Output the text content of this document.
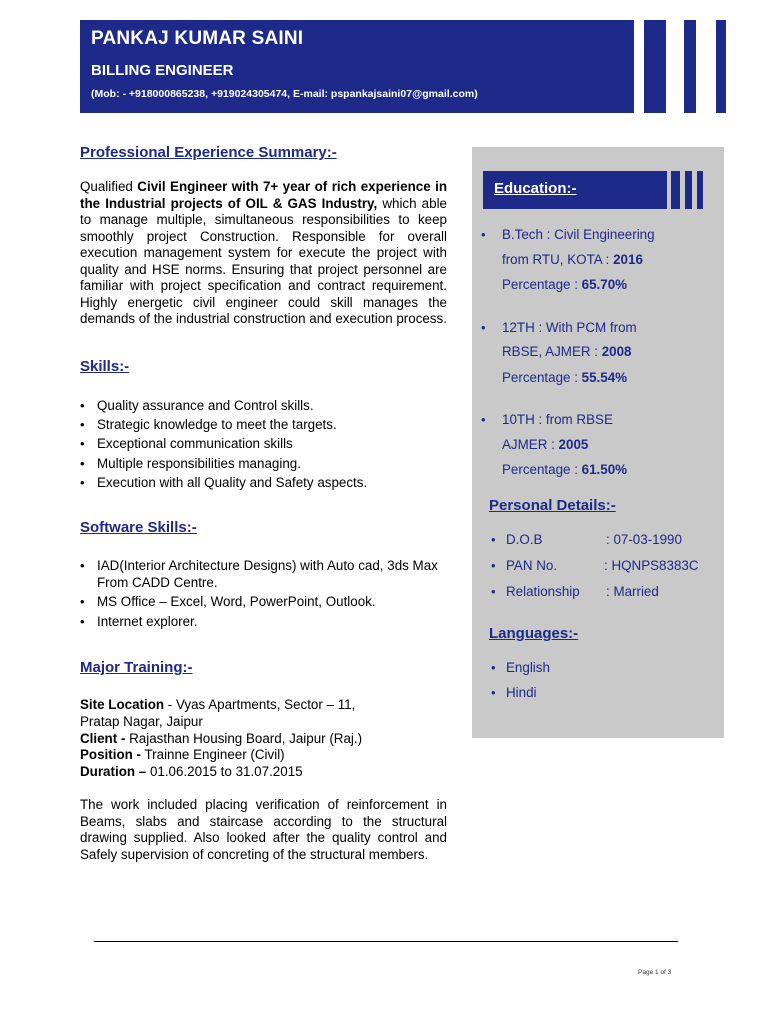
PANKAJ KUMAR SAINI
BILLING ENGINEER
(Mob: - +918000865238, +919024305474, E-mail: pspankajsaini07@gmail.com)
Professional Experience Summary:-
Qualified Civil Engineer with 7+ year of rich experience in the Industrial projects of OIL & GAS Industry, which able to manage multiple, simultaneous responsibilities to keep smoothly project Construction. Responsible for overall execution management system for execute the project with quality and HSE norms. Ensuring that project personnel are familiar with project specification and contract requirement. Highly energetic civil engineer could skill manages the demands of the industrial construction and execution process.
Skills:-
• Quality assurance and Control skills.
• Strategic knowledge to meet the targets.
• Exceptional communication skills
• Multiple responsibilities managing.
• Execution with all Quality and Safety aspects.
Software Skills:-
• IAD(Interior Architecture Designs) with Auto cad, 3ds Max From CADD Centre.
• MS Office – Excel, Word, PowerPoint, Outlook.
• Internet explorer.
Major Training:-
Site Location - Vyas Apartments, Sector – 11,
Pratap Nagar, Jaipur
Client - Rajasthan Housing Board, Jaipur (Raj.)
Position - Trainne Engineer (Civil)
Duration – 01.06.2015 to 31.07.2015
The work included placing verification of reinforcement in Beams, slabs and staircase according to the structural drawing supplied. Also looked after the quality control and Safely supervision of concreting of the structural members.
Education:-
• B.Tech : Civil Engineering
from RTU, KOTA : 2016
Percentage : 65.70%
• 12TH : With PCM from
RBSE, AJMER : 2008
Percentage : 55.54%
• 10TH : from RBSE
AJMER : 2005
Percentage : 61.50%
Personal Details:-
• D.O.B	: 07-03-1990
• PAN No.	: HQNPS8383C
• Relationship : Married
Languages:-
• English
• Hindi
Page 1 of 3
